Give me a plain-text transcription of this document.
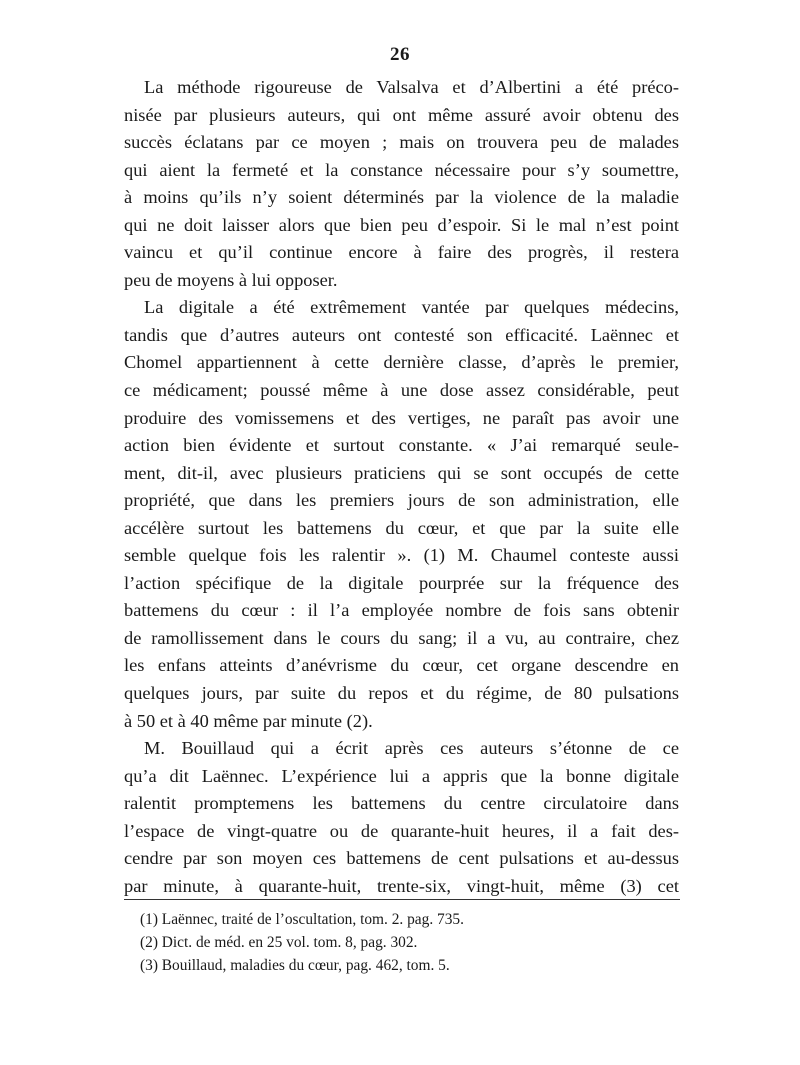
26
La méthode rigoureuse de Valsalva et d’Albertini a été préco-
nisée par plusieurs auteurs, qui ont même assuré avoir obtenu des
succès éclatans par ce moyen ; mais on trouvera peu de malades
qui aient la fermeté et la constance nécessaire pour s’y soumettre,
à moins qu’ils n’y soient déterminés par la violence de la maladie
qui ne doit laisser alors que bien peu d’espoir. Si le mal n’est point
vaincu et qu’il continue encore à faire des progrès, il restera
peu de moyens à lui opposer.
La digitale a été extrêmement vantée par quelques médecins,
tandis que d’autres auteurs ont contesté son efficacité. Laënnec et
Chomel appartiennent à cette dernière classe, d’après le premier,
ce médicament; poussé même à une dose assez considérable, peut
produire des vomissemens et des vertiges, ne paraît pas avoir une
action bien évidente et surtout constante. « J’ai remarqué seule-
ment, dit-il, avec plusieurs praticiens qui se sont occupés de cette
propriété, que dans les premiers jours de son administration, elle
accélère surtout les battemens du cœur, et que par la suite elle
semble quelque fois les ralentir ». (1) M. Chaumel conteste aussi
l’action spécifique de la digitale pourprée sur la fréquence des
battemens du cœur : il l’a employée nombre de fois sans obtenir
de ramollissement dans le cours du sang; il a vu, au contraire, chez
les enfans atteints d’anévrisme du cœur, cet organe descendre en
quelques jours, par suite du repos et du régime, de 80 pulsations
à 50 et à 40 même par minute (2).
M. Bouillaud qui a écrit après ces auteurs s’étonne de ce
qu’a dit Laënnec. L’expérience lui a appris que la bonne digitale
ralentit promptemens les battemens du centre circulatoire dans
l’espace de vingt-quatre ou de quarante-huit heures, il a fait des-
cendre par son moyen ces battemens de cent pulsations et au-dessus
par minute, à quarante-huit, trente-six, vingt-huit, même (3) cet
(1) Laënnec, traité de l’oscultation, tom. 2. pag. 735.
(2) Dict. de méd. en 25 vol. tom. 8, pag. 302.
(3) Bouillaud, maladies du cœur, pag. 462, tom. 5.
